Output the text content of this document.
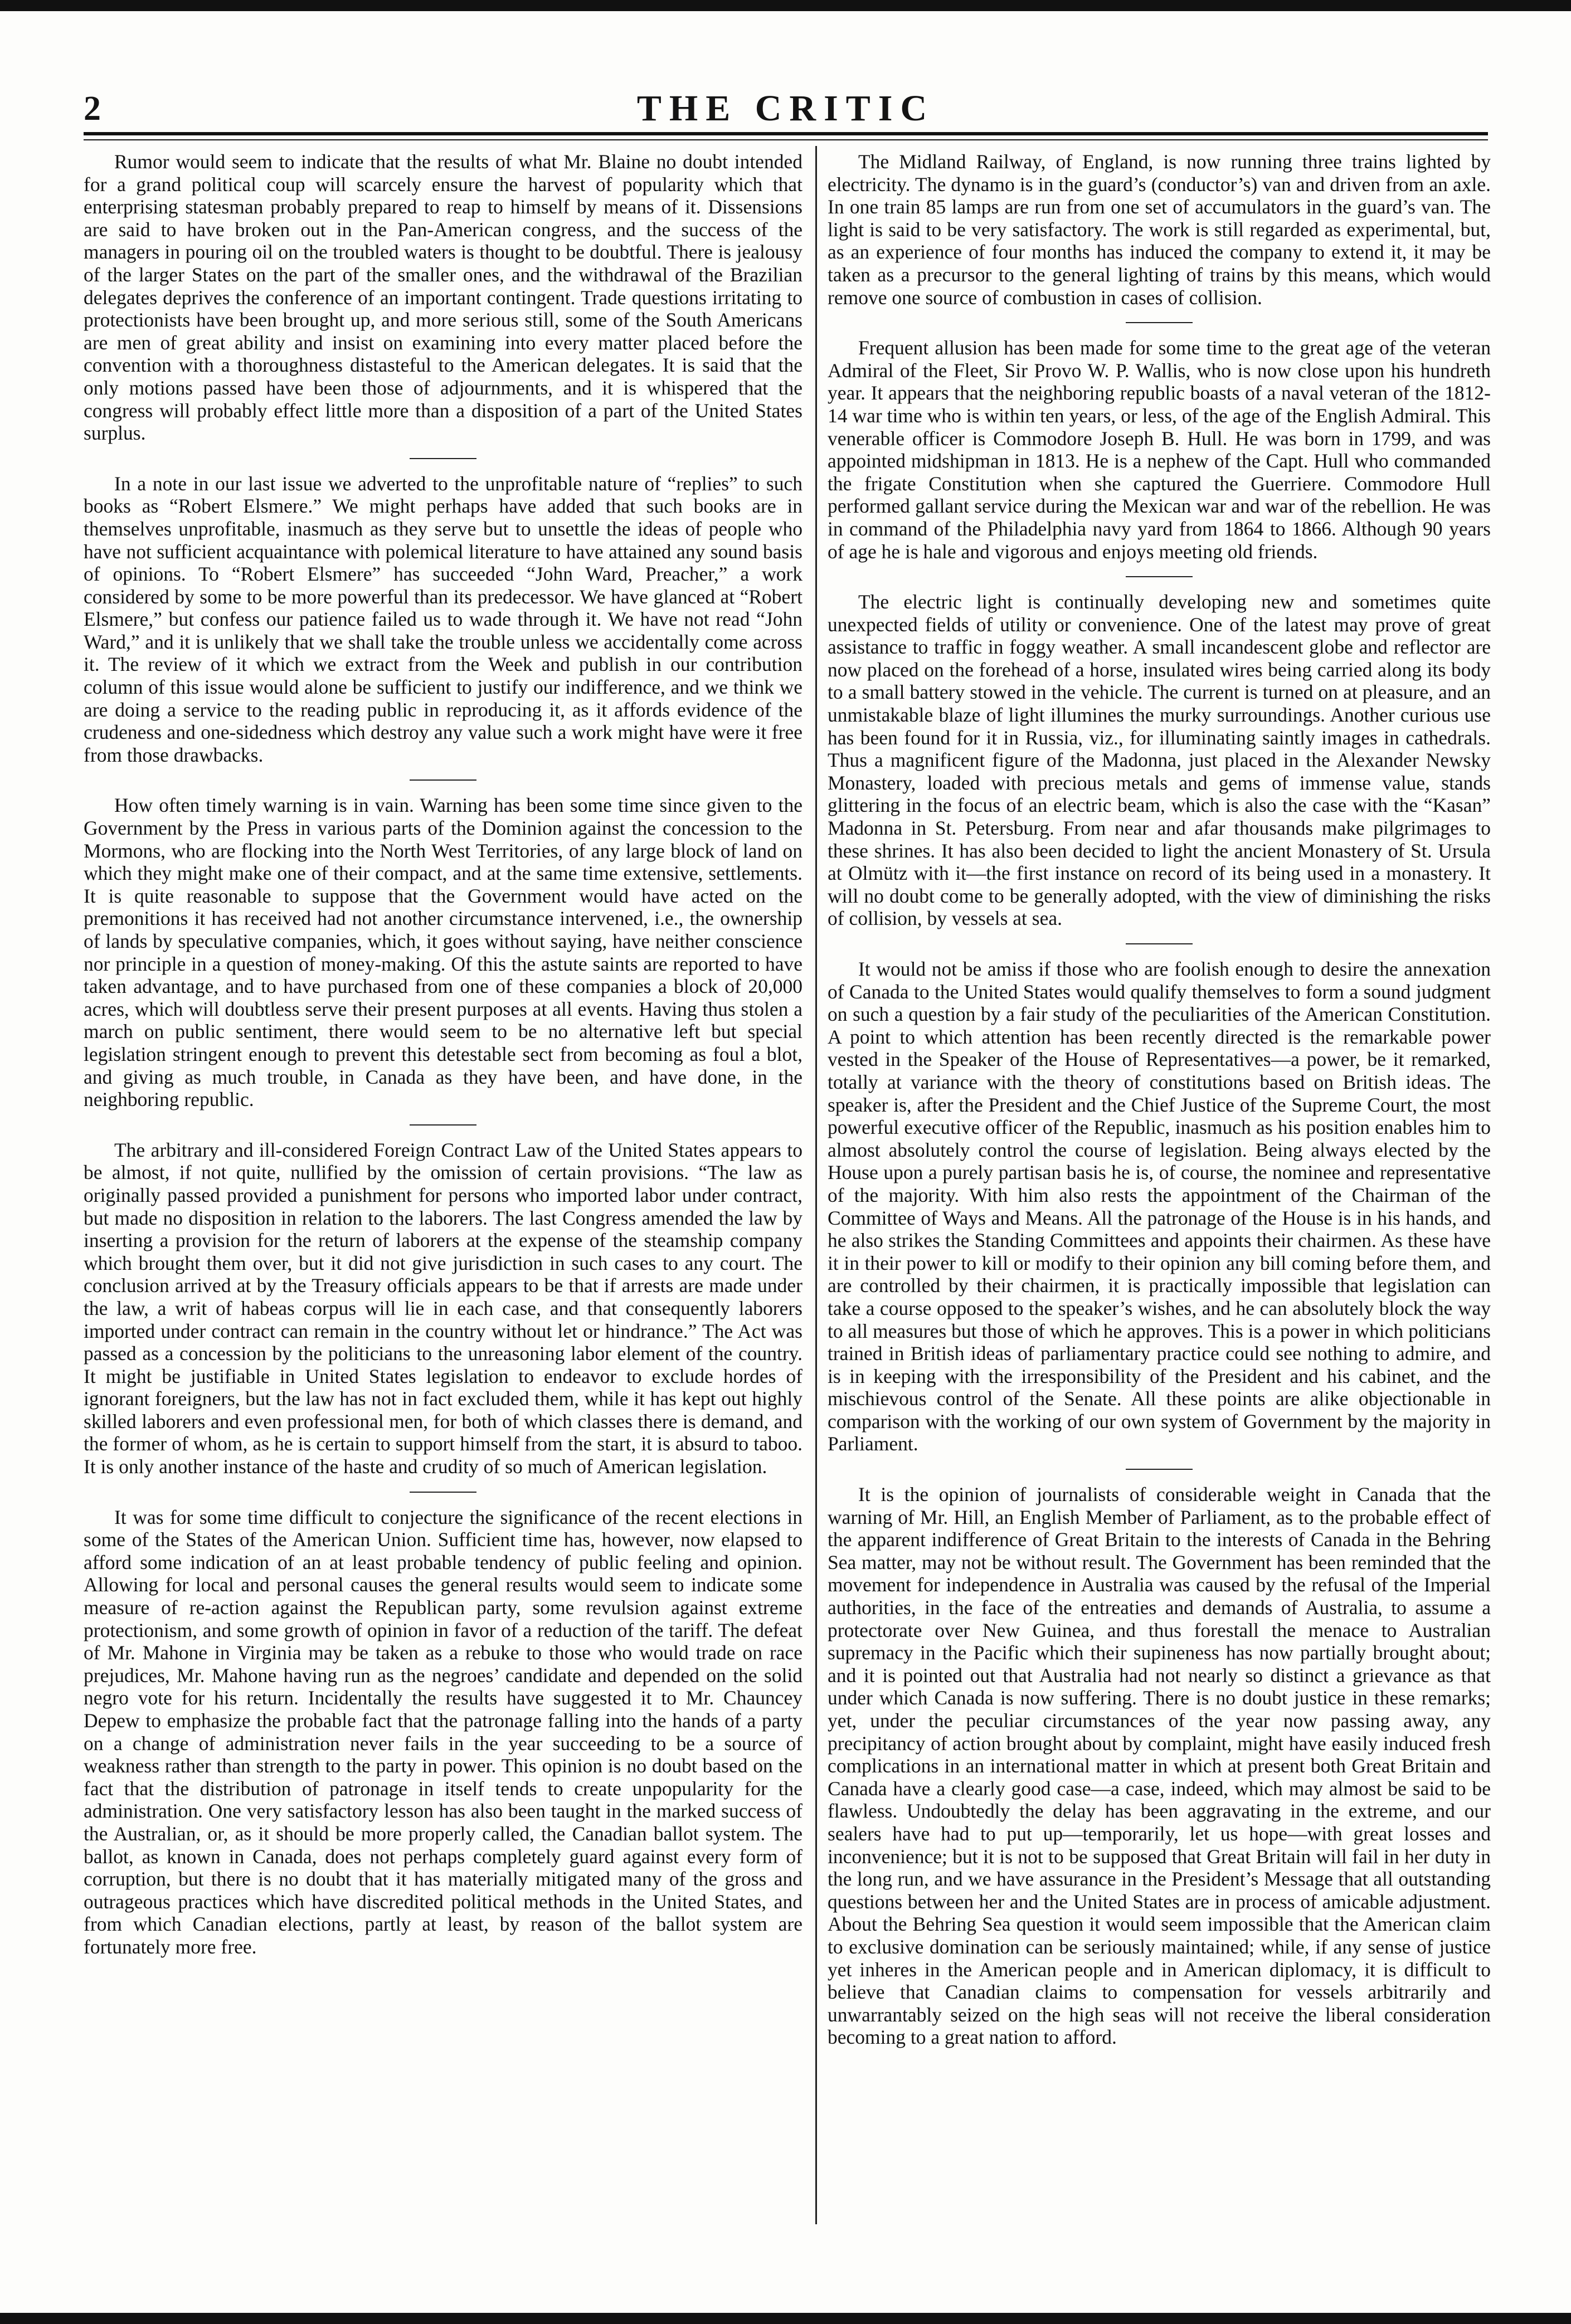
2	THE CRITIC

Rumor would seem to indicate that the results of what Mr. Blaine no doubt intended for a grand political coup will scarcely ensure the harvest of popularity which that enterprising statesman probably prepared to reap to himself by means of it. Dissensions are said to have broken out in the Pan-American congress, and the success of the managers in pouring oil on the troubled waters is thought to be doubtful. There is jealousy of the larger States on the part of the smaller ones, and the withdrawal of the Brazilian delegates deprives the conference of an important contingent. Trade questions irritating to protectionists have been brought up, and more serious still, some of the South Americans are men of great ability and insist on examining into every matter placed before the convention with a thoroughness distasteful to the American delegates. It is said that the only motions passed have been those of adjournments, and it is whispered that the congress will probably effect little more than a disposition of a part of the United States surplus.

In a note in our last issue we adverted to the unprofitable nature of “replies” to such books as “Robert Elsmere.” We might perhaps have added that such books are in themselves unprofitable, inasmuch as they serve but to unsettle the ideas of people who have not sufficient acquaintance with polemical literature to have attained any sound basis of opinions. To “Robert Elsmere” has succeeded “John Ward, Preacher,” a work considered by some to be more powerful than its predecessor. We have glanced at “Robert Elsmere,” but confess our patience failed us to wade through it. We have not read “John Ward,” and it is unlikely that we shall take the trouble unless we accidentally come across it. The review of it which we extract from the Week and publish in our contribution column of this issue would alone be sufficient to justify our indifference, and we think we are doing a service to the reading public in reproducing it, as it affords evidence of the crudeness and one-sidedness which destroy any value such a work might have were it free from those drawbacks.

How often timely warning is in vain. Warning has been some time since given to the Government by the Press in various parts of the Dominion against the concession to the Mormons, who are flocking into the North West Territories, of any large block of land on which they might make one of their compact, and at the same time extensive, settlements. It is quite reasonable to suppose that the Government would have acted on the premonitions it has received had not another circumstance intervened, i.e., the ownership of lands by speculative companies, which, it goes without saying, have neither conscience nor principle in a question of money-making. Of this the astute saints are reported to have taken advantage, and to have purchased from one of these companies a block of 20,000 acres, which will doubtless serve their present purposes at all events. Having thus stolen a march on public sentiment, there would seem to be no alternative left but special legislation stringent enough to prevent this detestable sect from becoming as foul a blot, and giving as much trouble, in Canada as they have been, and have done, in the neighboring republic.

The arbitrary and ill-considered Foreign Contract Law of the United States appears to be almost, if not quite, nullified by the omission of certain provisions. “The law as originally passed provided a punishment for persons who imported labor under contract, but made no disposition in relation to the laborers. The last Congress amended the law by inserting a provision for the return of laborers at the expense of the steamship company which brought them over, but it did not give jurisdiction in such cases to any court. The conclusion arrived at by the Treasury officials appears to be that if arrests are made under the law, a writ of habeas corpus will lie in each case, and that consequently laborers imported under contract can remain in the country without let or hindrance.” The Act was passed as a concession by the politicians to the unreasoning labor element of the country. It might be justifiable in United States legislation to endeavor to exclude hordes of ignorant foreigners, but the law has not in fact excluded them, while it has kept out highly skilled laborers and even professional men, for both of which classes there is demand, and the former of whom, as he is certain to support himself from the start, it is absurd to taboo. It is only another instance of the haste and crudity of so much of American legislation.

It was for some time difficult to conjecture the significance of the recent elections in some of the States of the American Union. Sufficient time has, however, now elapsed to afford some indication of an at least probable tendency of public feeling and opinion. Allowing for local and personal causes the general results would seem to indicate some measure of re-action against the Republican party, some revulsion against extreme protectionism, and some growth of opinion in favor of a reduction of the tariff. The defeat of Mr. Mahone in Virginia may be taken as a rebuke to those who would trade on race prejudices, Mr. Mahone having run as the negroes’ candidate and depended on the solid negro vote for his return. Incidentally the results have suggested it to Mr. Chauncey Depew to emphasize the probable fact that the patronage falling into the hands of a party on a change of administration never fails in the year succeeding to be a source of weakness rather than strength to the party in power. This opinion is no doubt based on the fact that the distribution of patronage in itself tends to create unpopularity for the administration. One very satisfactory lesson has also been taught in the marked success of the Australian, or, as it should be more properly called, the Canadian ballot system. The ballot, as known in Canada, does not perhaps completely guard against every form of corruption, but there is no doubt that it has materially mitigated many of the gross and outrageous practices which have discredited political methods in the United States, and from which Canadian elections, partly at least, by reason of the ballot system are fortunately more free.

The Midland Railway, of England, is now running three trains lighted by electricity. The dynamo is in the guard’s (conductor’s) van and driven from an axle. In one train 85 lamps are run from one set of accumulators in the guard’s van. The light is said to be very satisfactory. The work is still regarded as experimental, but, as an experience of four months has induced the company to extend it, it may be taken as a precursor to the general lighting of trains by this means, which would remove one source of combustion in cases of collision.

Frequent allusion has been made for some time to the great age of the veteran Admiral of the Fleet, Sir Provo W. P. Wallis, who is now close upon his hundreth year. It appears that the neighboring republic boasts of a naval veteran of the 1812-14 war time who is within ten years, or less, of the age of the English Admiral. This venerable officer is Commodore Joseph B. Hull. He was born in 1799, and was appointed midshipman in 1813. He is a nephew of the Capt. Hull who commanded the frigate Constitution when she captured the Guerriere. Commodore Hull performed gallant service during the Mexican war and war of the rebellion. He was in command of the Philadelphia navy yard from 1864 to 1866. Although 90 years of age he is hale and vigorous and enjoys meeting old friends.

The electric light is continually developing new and sometimes quite unexpected fields of utility or convenience. One of the latest may prove of great assistance to traffic in foggy weather. A small incandescent globe and reflector are now placed on the forehead of a horse, insulated wires being carried along its body to a small battery stowed in the vehicle. The current is turned on at pleasure, and an unmistakable blaze of light illumines the murky surroundings. Another curious use has been found for it in Russia, viz., for illuminating saintly images in cathedrals. Thus a magnificent figure of the Madonna, just placed in the Alexander Newsky Monastery, loaded with precious metals and gems of immense value, stands glittering in the focus of an electric beam, which is also the case with the “Kasan” Madonna in St. Petersburg. From near and afar thousands make pilgrimages to these shrines. It has also been decided to light the ancient Monastery of St. Ursula at Olmütz with it—the first instance on record of its being used in a monastery. It will no doubt come to be generally adopted, with the view of diminishing the risks of collision, by vessels at sea.

It would not be amiss if those who are foolish enough to desire the annexation of Canada to the United States would qualify themselves to form a sound judgment on such a question by a fair study of the peculiarities of the American Constitution. A point to which attention has been recently directed is the remarkable power vested in the Speaker of the House of Representatives—a power, be it remarked, totally at variance with the theory of constitutions based on British ideas. The speaker is, after the President and the Chief Justice of the Supreme Court, the most powerful executive officer of the Republic, inasmuch as his position enables him to almost absolutely control the course of legislation. Being always elected by the House upon a purely partisan basis he is, of course, the nominee and representative of the majority. With him also rests the appointment of the Chairman of the Committee of Ways and Means. All the patronage of the House is in his hands, and he also strikes the Standing Committees and appoints their chairmen. As these have it in their power to kill or modify to their opinion any bill coming before them, and are controlled by their chairmen, it is practically impossible that legislation can take a course opposed to the speaker’s wishes, and he can absolutely block the way to all measures but those of which he approves. This is a power in which politicians trained in British ideas of parliamentary practice could see nothing to admire, and is in keeping with the irresponsibility of the President and his cabinet, and the mischievous control of the Senate. All these points are alike objectionable in comparison with the working of our own system of Government by the majority in Parliament.

It is the opinion of journalists of considerable weight in Canada that the warning of Mr. Hill, an English Member of Parliament, as to the probable effect of the apparent indifference of Great Britain to the interests of Canada in the Behring Sea matter, may not be without result. The Government has been reminded that the movement for independence in Australia was caused by the refusal of the Imperial authorities, in the face of the entreaties and demands of Australia, to assume a protectorate over New Guinea, and thus forestall the menace to Australian supremacy in the Pacific which their supineness has now partially brought about; and it is pointed out that Australia had not nearly so distinct a grievance as that under which Canada is now suffering. There is no doubt justice in these remarks; yet, under the peculiar circumstances of the year now passing away, any precipitancy of action brought about by complaint, might have easily induced fresh complications in an international matter in which at present both Great Britain and Canada have a clearly good case—a case, indeed, which may almost be said to be flawless. Undoubtedly the delay has been aggravating in the extreme, and our sealers have had to put up—temporarily, let us hope—with great losses and inconvenience; but it is not to be supposed that Great Britain will fail in her duty in the long run, and we have assurance in the President’s Message that all outstanding questions between her and the United States are in process of amicable adjustment. About the Behring Sea question it would seem impossible that the American claim to exclusive domination can be seriously maintained; while, if any sense of justice yet inheres in the American people and in American diplomacy, it is difficult to believe that Canadian claims to compensation for vessels arbitrarily and unwarrantably seized on the high seas will not receive the liberal consideration becoming to a great nation to afford.
